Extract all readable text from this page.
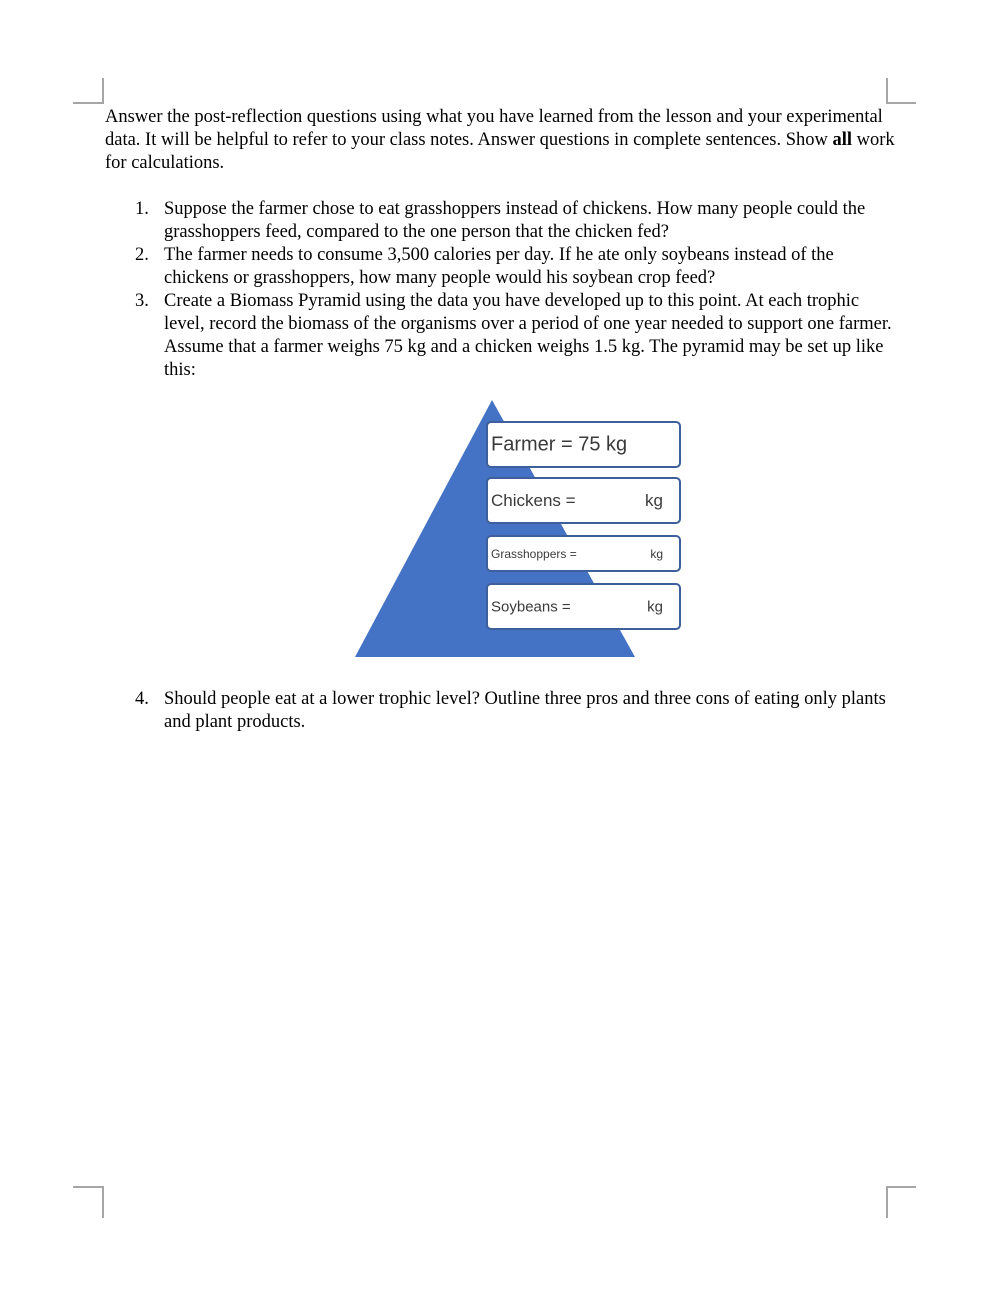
Answer the post-reflection questions using what you have learned from the lesson and your experimental data. It will be helpful to refer to your class notes. Answer questions in complete sentences. Show all work for calculations.

1. Suppose the farmer chose to eat grasshoppers instead of chickens. How many people could the grasshoppers feed, compared to the one person that the chicken fed?
2. The farmer needs to consume 3,500 calories per day. If he ate only soybeans instead of the chickens or grasshoppers, how many people would his soybean crop feed?
3. Create a Biomass Pyramid using the data you have developed up to this point. At each trophic level, record the biomass of the organisms over a period of one year needed to support one farmer. Assume that a farmer weighs 75 kg and a chicken weighs 1.5 kg. The pyramid may be set up like this:
Farmer = 75 kg
Chickens =	kg
Grasshoppers =	kg
Soybeans =	kg
4. Should people eat at a lower trophic level? Outline three pros and three cons of eating only plants and plant products.
